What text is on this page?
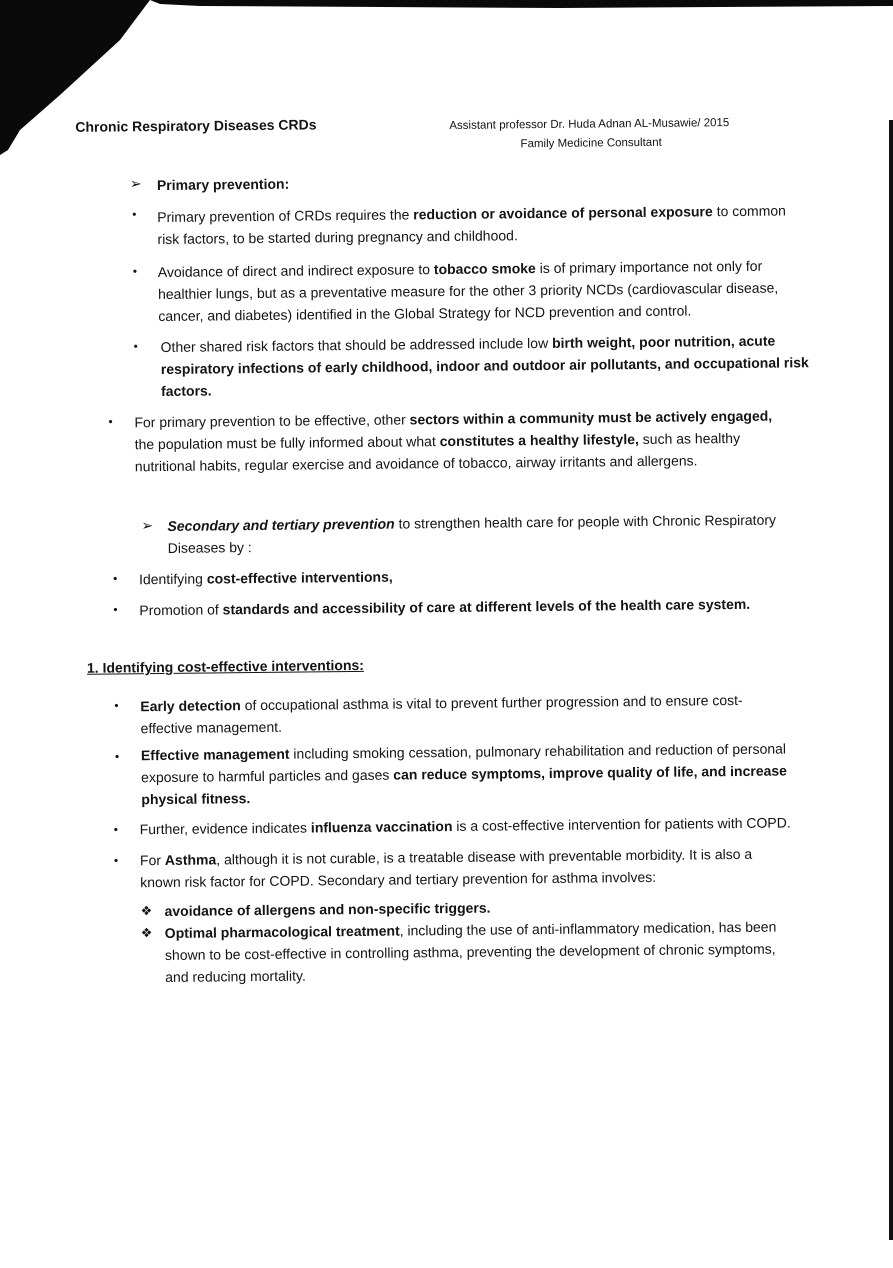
Chronic Respiratory Diseases CRDs	Assistant professor Dr. Huda Adnan AL-Musawie/ 2015
Family Medicine Consultant
➢ Primary prevention:
• Primary prevention of CRDs requires the reduction or avoidance of personal exposure to common
risk factors, to be started during pregnancy and childhood.
• Avoidance of direct and indirect exposure to tobacco smoke is of primary importance not only for
healthier lungs, but as a preventative measure for the other 3 priority NCDs (cardiovascular disease,
cancer, and diabetes) identified in the Global Strategy for NCD prevention and control.
• Other shared risk factors that should be addressed include low birth weight, poor nutrition, acute
respiratory infections of early childhood, indoor and outdoor air pollutants, and occupational risk
factors.
• For primary prevention to be effective, other sectors within a community must be actively engaged,
the population must be fully informed about what constitutes a healthy lifestyle, such as healthy
nutritional habits, regular exercise and avoidance of tobacco, airway irritants and allergens.
➢ Secondary and tertiary prevention to strengthen health care for people with Chronic Respiratory
Diseases by :
• Identifying cost-effective interventions,
• Promotion of standards and accessibility of care at different levels of the health care system.
1. Identifying cost-effective interventions:
• Early detection of occupational asthma is vital to prevent further progression and to ensure cost-
effective management.
• Effective management including smoking cessation, pulmonary rehabilitation and reduction of personal
exposure to harmful particles and gases can reduce symptoms, improve quality of life, and increase
physical fitness.
• Further, evidence indicates influenza vaccination is a cost-effective intervention for patients with COPD.
• For Asthma, although it is not curable, is a treatable disease with preventable morbidity. It is also a
known risk factor for COPD. Secondary and tertiary prevention for asthma involves:
❖ avoidance of allergens and non-specific triggers.
❖ Optimal pharmacological treatment, including the use of anti-inflammatory medication, has been
shown to be cost-effective in controlling asthma, preventing the development of chronic symptoms,
and reducing mortality.
